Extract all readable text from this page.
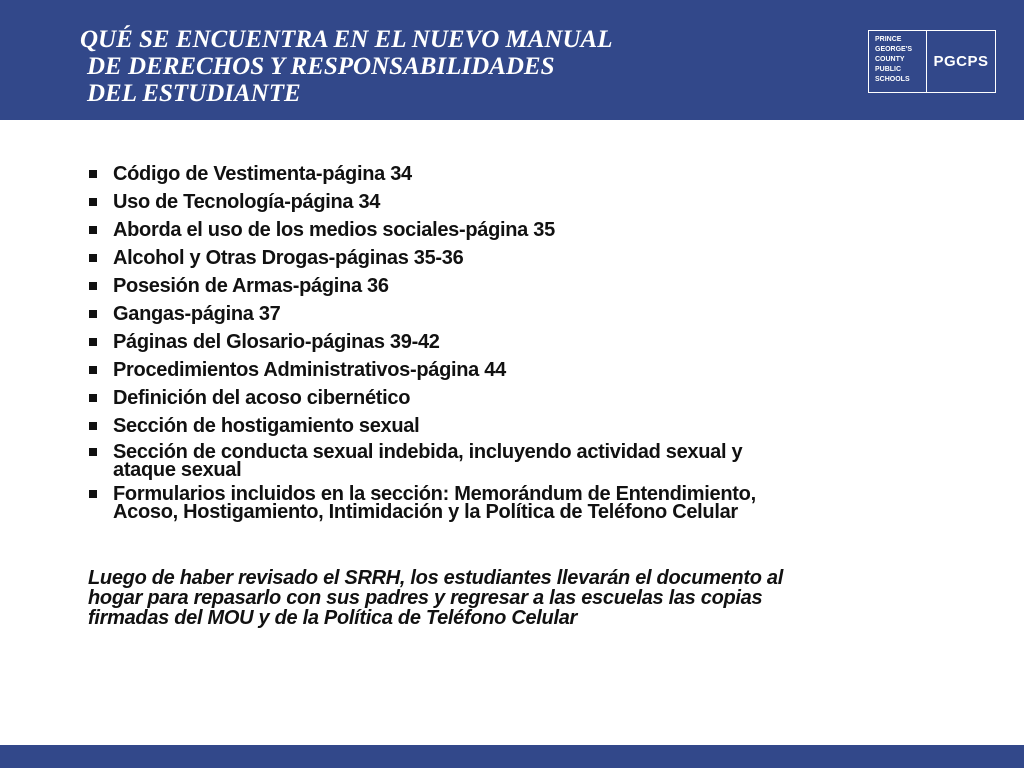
QUÉ SE ENCUENTRA EN EL NUEVO MANUAL
DE DERECHOS Y RESPONSABILIDADES
DEL ESTUDIANTE
PRINCE
GEORGE'S
COUNTY
PUBLIC
SCHOOLS
PGCPS
Código de Vestimenta-página 34
Uso de Tecnología-página 34
Aborda el uso de los medios sociales-página 35
Alcohol y Otras Drogas-páginas 35-36
Posesión de Armas-página 36
Gangas-página 37
Páginas del Glosario-páginas 39-42
Procedimientos Administrativos-página 44
Definición del acoso cibernético
Sección de hostigamiento sexual
Sección de conducta sexual indebida, incluyendo actividad sexual y
ataque sexual
Formularios incluidos en la sección: Memorándum de Entendimiento,
Acoso, Hostigamiento, Intimidación y la Política de Teléfono Celular

Luego de haber revisado el SRRH, los estudiantes llevarán el documento al
hogar para repasarlo con sus padres y regresar a las escuelas las copias
firmadas del MOU y de la Política de Teléfono Celular
